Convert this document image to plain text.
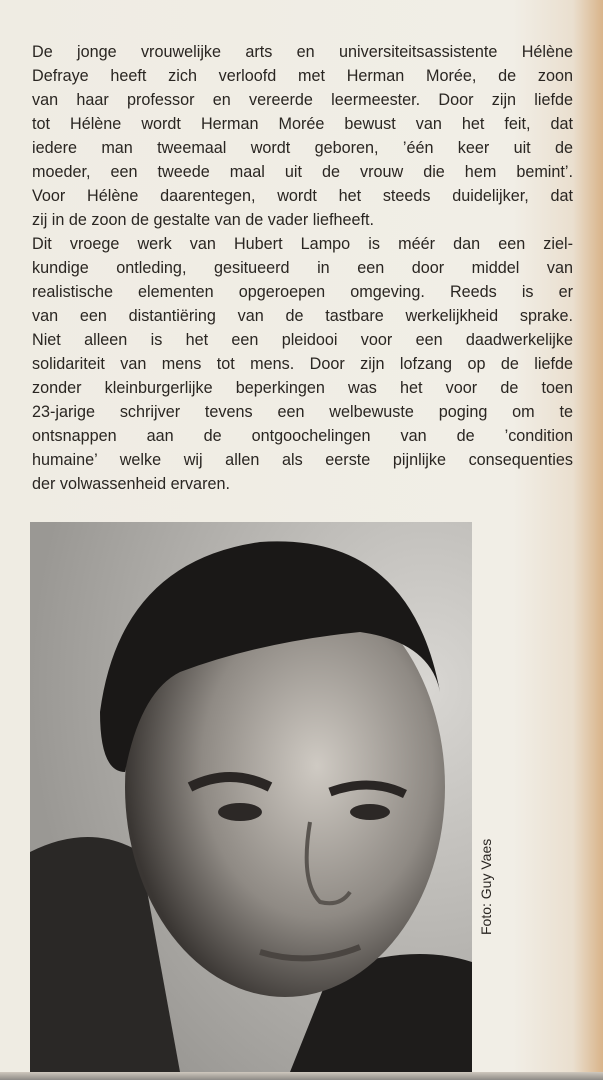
De jonge vrouwelijke arts en universiteitsassistente Hélène
Defraye heeft zich verloofd met Herman Morée, de zoon
van haar professor en vereerde leermeester. Door zijn liefde
tot Hélène wordt Herman Morée bewust van het feit, dat
iedere man tweemaal wordt geboren, ’één keer uit de
moeder, een tweede maal uit de vrouw die hem bemint’.
Voor Hélène daarentegen, wordt het steeds duidelijker, dat
zij in de zoon de gestalte van de vader liefheeft.
Dit vroege werk van Hubert Lampo is méér dan een ziel-
kundige ontleding, gesitueerd in een door middel van
realistische elementen opgeroepen omgeving. Reeds is er
van een distantiëring van de tastbare werkelijkheid sprake.
Niet alleen is het een pleidooi voor een daadwerkelijke
solidariteit van mens tot mens. Door zijn lofzang op de liefde
zonder kleinburgerlijke beperkingen was het voor de toen
23-jarige schrijver tevens een welbewuste poging om te
ontsnappen aan de ontgoochelingen van de ’condition
humaine’ welke wij allen als eerste pijnlijke consequenties
der volwassenheid ervaren.
Foto: Guy Vaes
